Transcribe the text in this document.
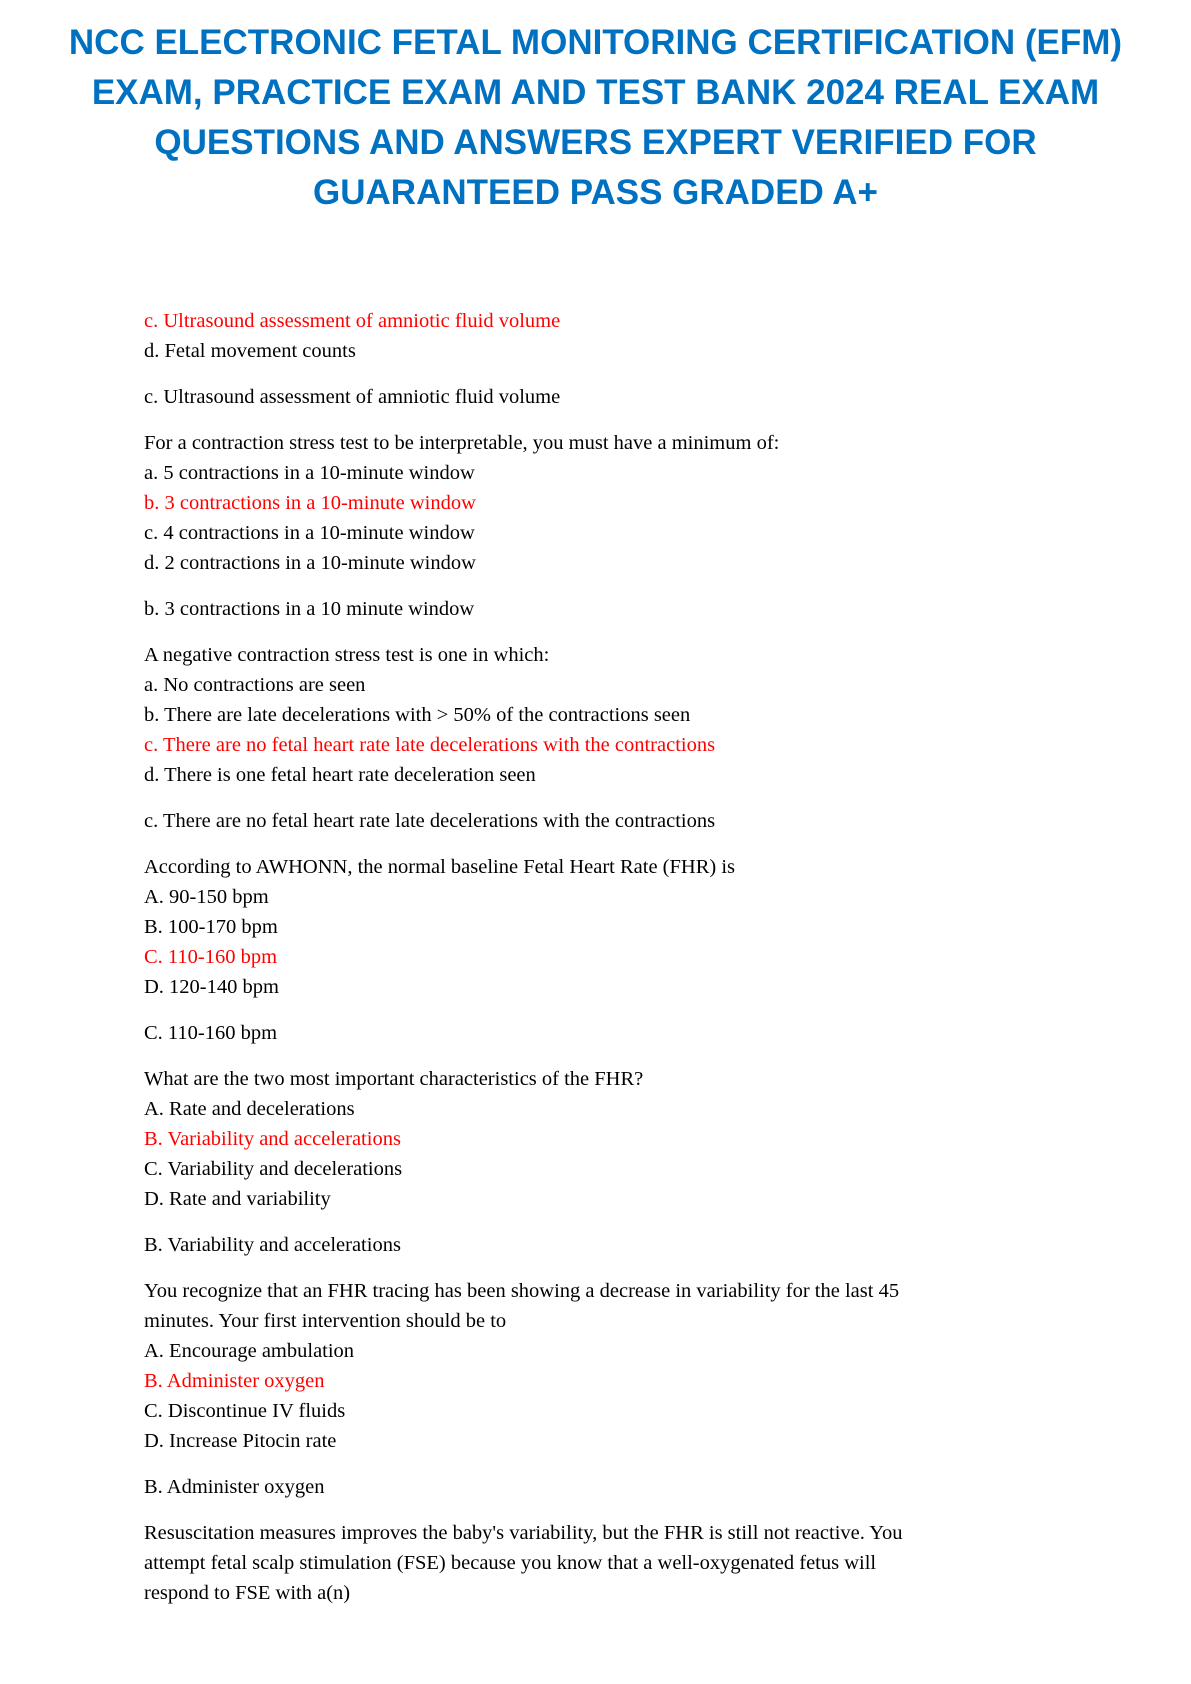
NCC ELECTRONIC FETAL MONITORING CERTIFICATION (EFM) EXAM, PRACTICE EXAM AND TEST BANK 2024 REAL EXAM QUESTIONS AND ANSWERS EXPERT VERIFIED FOR GUARANTEED PASS GRADED A+
c. Ultrasound assessment of amniotic fluid volume
d. Fetal movement counts
c. Ultrasound assessment of amniotic fluid volume
For a contraction stress test to be interpretable, you must have a minimum of:
a. 5 contractions in a 10-minute window
b. 3 contractions in a 10-minute window
c. 4 contractions in a 10-minute window
d. 2 contractions in a 10-minute window
b. 3 contractions in a 10 minute window
A negative contraction stress test is one in which:
a. No contractions are seen
b. There are late decelerations with > 50% of the contractions seen
c. There are no fetal heart rate late decelerations with the contractions
d. There is one fetal heart rate deceleration seen
c. There are no fetal heart rate late decelerations with the contractions
According to AWHONN, the normal baseline Fetal Heart Rate (FHR) is
A. 90-150 bpm
B. 100-170 bpm
C. 110-160 bpm
D. 120-140 bpm
C. 110-160 bpm
What are the two most important characteristics of the FHR?
A. Rate and decelerations
B. Variability and accelerations
C. Variability and decelerations
D. Rate and variability
B. Variability and accelerations
You recognize that an FHR tracing has been showing a decrease in variability for the last 45
minutes. Your first intervention should be to
A. Encourage ambulation
B. Administer oxygen
C. Discontinue IV fluids
D. Increase Pitocin rate
B. Administer oxygen
Resuscitation measures improves the baby's variability, but the FHR is still not reactive. You
attempt fetal scalp stimulation (FSE) because you know that a well-oxygenated fetus will
respond to FSE with a(n)
